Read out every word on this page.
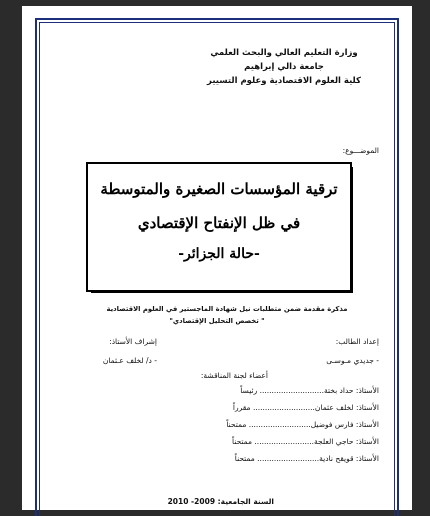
وزارة التعليم العالي والبحث العلمي
جامعة دالي إبراهيم
كلية العلوم الاقتصادية وعلوم التسيير
الموضـــوع:
ترقية المؤسسات الصغيرة والمتوسطة
في ظل الإنفتاح الإقتصادي
-حالة الجزائر-
مذكرة مقدمة ضمن متطلبات نيل شهادة الماجستير في العلوم الاقتصادية
" تخصص التحليل الإقتصادي"
إعداد الطالب:
إشراف الأستاذ:
- جديدي مـوسـى
- د/ لخلف عـثمان
أعضاء لجنة المناقشة:
الأستاذ: حداد بختة........................... رئيساً
الأستاذ: لخلف عثمان.......................... مقرراً
الأستاذ: فارس فوضيل.......................... ممتحناً
الأستاذ: حاجي العلجة......................... ممتحناً
الأستاذ: قويقح نادية.......................... ممتحناً
السنة الجامعية: 2009- 2010
